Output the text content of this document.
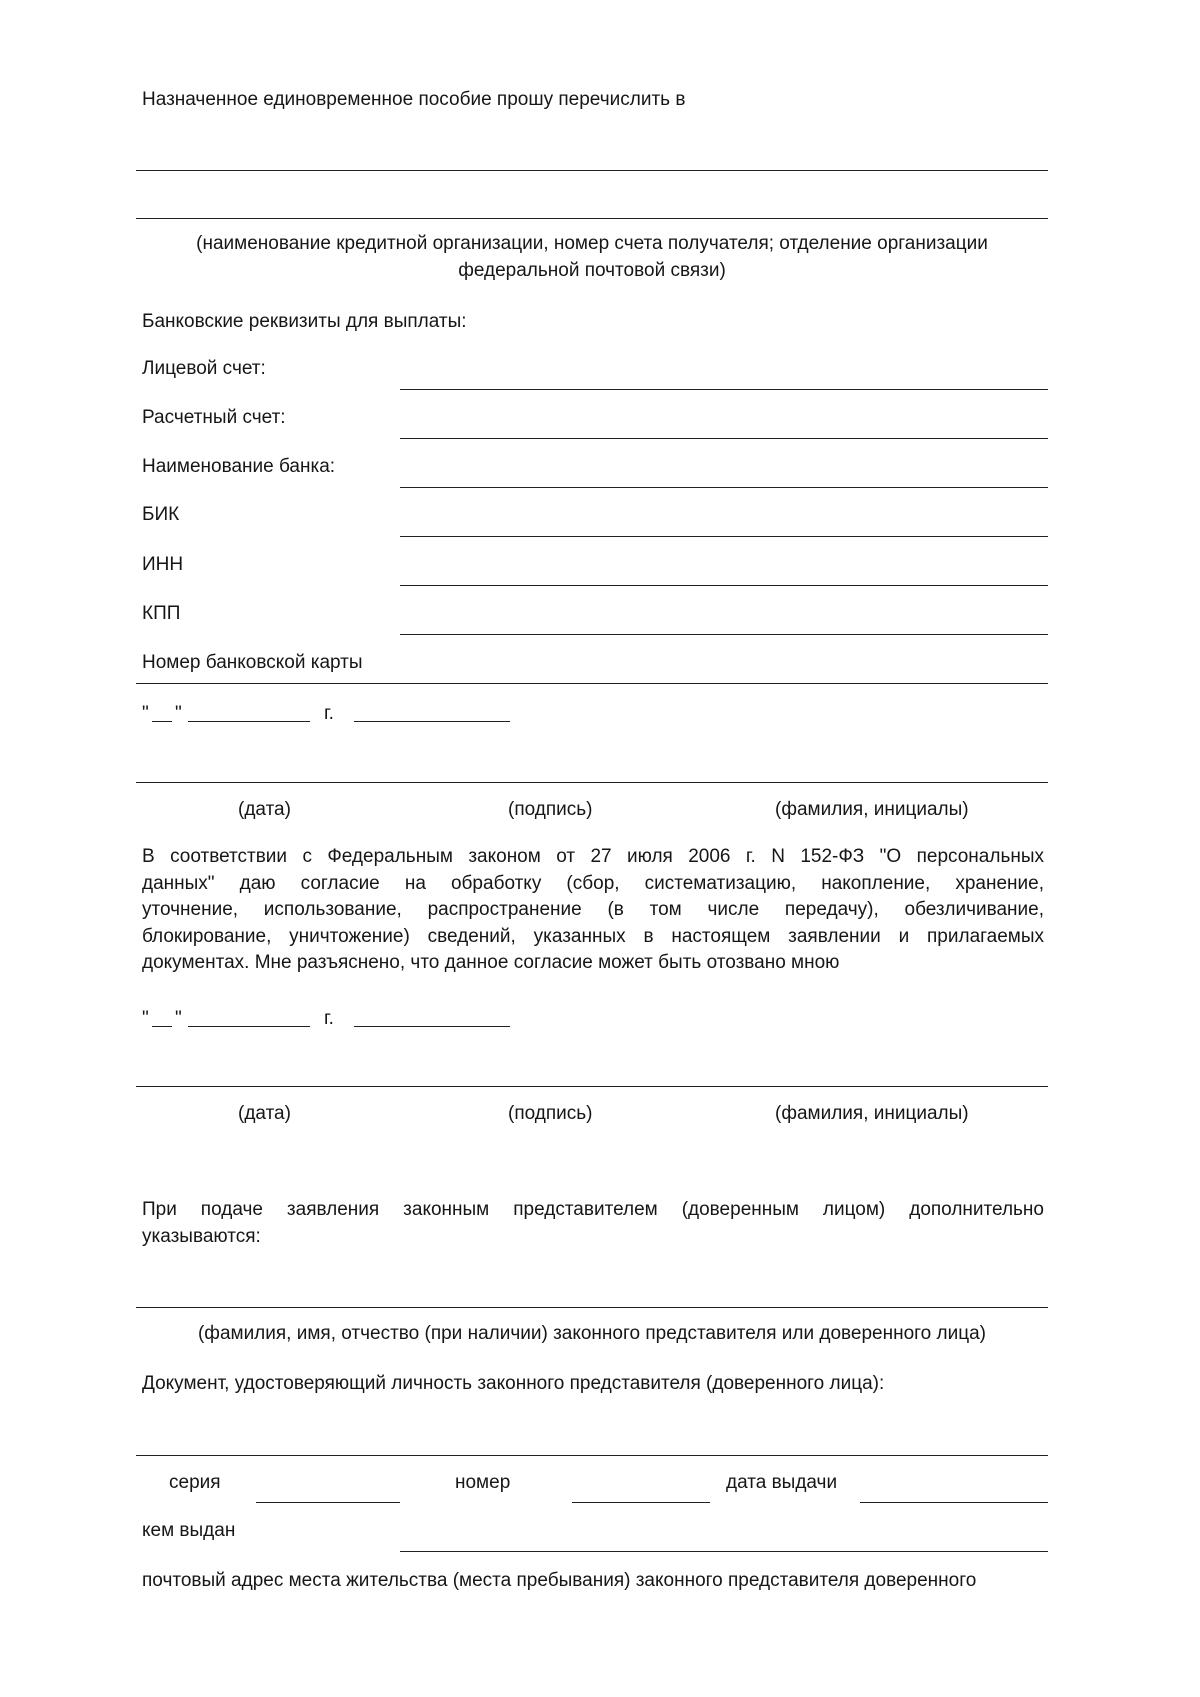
Назначенное единовременное пособие прошу перечислить в
(наименование кредитной организации, номер счета получателя; отделение организации
федеральной почтовой связи)
Банковские реквизиты для выплаты:
Лицевой счет:
Расчетный счет:
Наименование банка:
БИК
ИНН
КПП
Номер банковской карты
" "	г.
(дата)	(подпись)	(фамилия, инициалы)
В соответствии с Федеральным законом от 27 июля 2006 г. N 152-ФЗ "О персональных
данных" даю согласие на обработку (сбор, систематизацию, накопление, хранение,
уточнение, использование, распространение (в том числе передачу), обезличивание,
блокирование, уничтожение) сведений, указанных в настоящем заявлении и прилагаемых
документах. Мне разъяснено, что данное согласие может быть отозвано мною
" "	г.
(дата)	(подпись)	(фамилия, инициалы)
При подаче заявления законным представителем (доверенным лицом) дополнительно
указываются:
(фамилия, имя, отчество (при наличии) законного представителя или доверенного лица)
Документ, удостоверяющий личность законного представителя (доверенного лица):
серия	номер	дата выдачи
кем выдан
почтовый адрес места жительства (места пребывания) законного представителя доверенного
